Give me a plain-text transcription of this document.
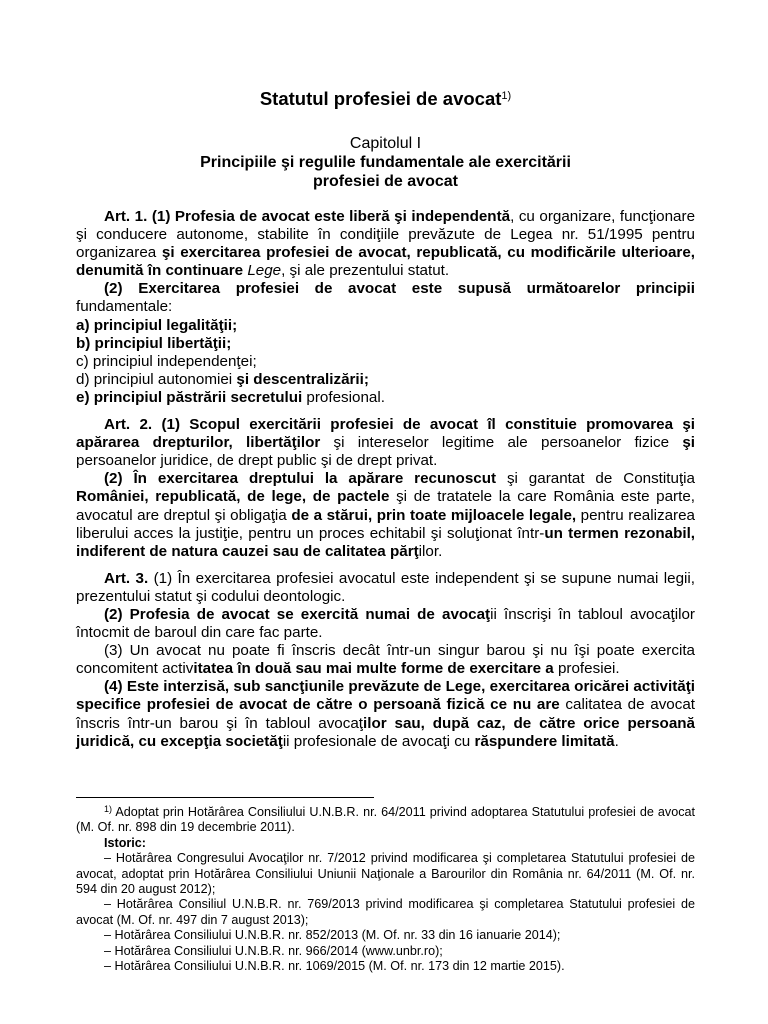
Statutul profesiei de avocat$^{1)}$
Capitolul I
Principiile şi regulile fundamentale ale exercitării
profesiei de avocat

Art. 1. (1) Profesia de avocat este liberă şi independentă, cu organizare, funcţionare şi conducere autonome, stabilite în condiţiile prevăzute de Legea nr. 51/1995 pentru organizarea şi exercitarea profesiei de avocat, republicată, cu modificările ulterioare, denumită în continuare Lege, şi ale prezentului statut.

(2) Exercitarea profesiei de avocat este supusă următoarelor principii fundamentale:

a) principiul legalităţii;

b) principiul libertăţii;

c) principiul independenţei;

d) principiul autonomiei şi descentralizării;

e) principiul păstrării secretului profesional.

Art. 2. (1) Scopul exercitării profesiei de avocat îl constituie promovarea şi apărarea drepturilor, libertăţilor şi intereselor legitime ale persoanelor fizice şi persoanelor juridice, de drept public şi de drept privat.

(2) În exercitarea dreptului la apărare recunoscut şi garantat de Constituţia României, republicată, de lege, de pactele şi de tratatele la care România este parte, avocatul are dreptul şi obligaţia de a stărui, prin toate mijloacele legale, pentru realizarea liberului acces la justiţie, pentru un proces echitabil şi soluţionat într-un termen rezonabil, indiferent de natura cauzei sau de calitatea părţilor.

Art. 3. (1) În exercitarea profesiei avocatul este independent şi se supune numai legii, prezentului statut şi codului deontologic.

(2) Profesia de avocat se exercită numai de avocaţii înscrişi în tabloul avocaţilor întocmit de baroul din care fac parte.

(3) Un avocat nu poate fi înscris decât într-un singur barou şi nu îşi poate exercita concomitent activitatea în două sau mai multe forme de exercitare a profesiei.

(4) Este interzisă, sub sancţiunile prevăzute de Lege, exercitarea oricărei activităţi specifice profesiei de avocat de către o persoană fizică ce nu are calitatea de avocat înscris într-un barou şi în tabloul avocaţilor sau, după caz, de către orice persoană juridică, cu excepţia societăţii profesionale de avocaţi cu răspundere limitată.

$^{1)}$ Adoptat prin Hotărârea Consiliului U.N.B.R. nr. 64/2011 privind adoptarea Statutului profesiei de avocat (M. Of. nr. 898 din 19 decembrie 2011).

Istoric:

– Hotărârea Congresului Avocaţilor nr. 7/2012 privind modificarea şi completarea Statutului profesiei de avocat, adoptat prin Hotărârea Consiliului Uniunii Naţionale a Barourilor din România nr. 64/2011 (M. Of. nr. 594 din 20 august 2012);

– Hotărârea Consiliul U.N.B.R. nr. 769/2013 privind modificarea şi completarea Statutului profesiei de avocat (M. Of. nr. 497 din 7 august 2013);

– Hotărârea Consiliului U.N.B.R. nr. 852/2013 (M. Of. nr. 33 din 16 ianuarie 2014);

– Hotărârea Consiliului U.N.B.R. nr. 966/2014 (www.unbr.ro);

– Hotărârea Consiliului U.N.B.R. nr. 1069/2015 (M. Of. nr. 173 din 12 martie 2015).
